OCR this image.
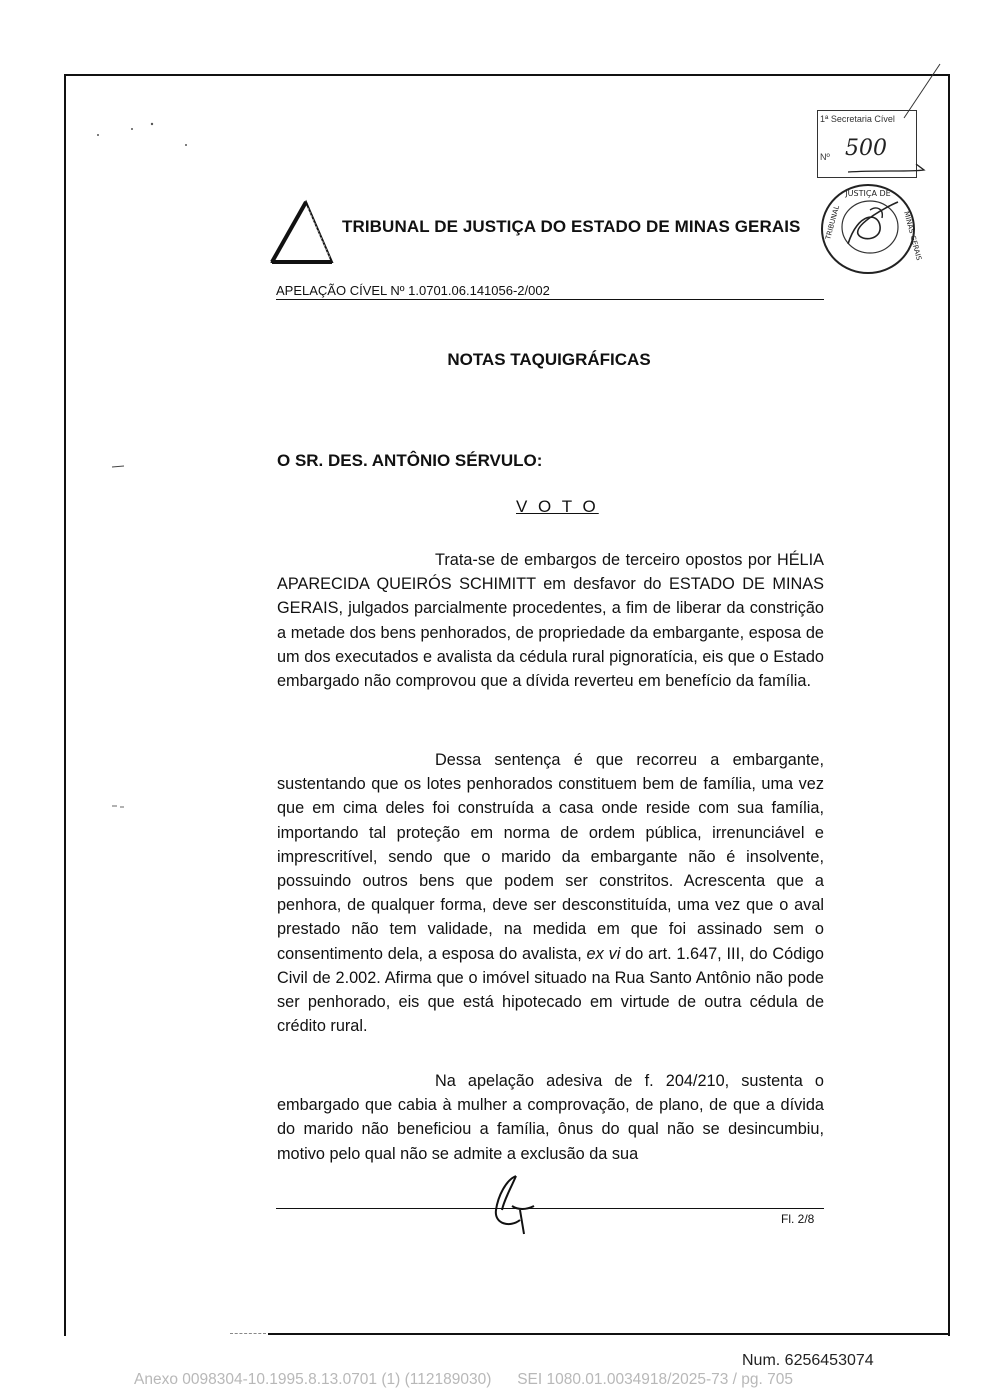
TRIBUNAL DE JUSTIÇA DO ESTADO DE MINAS GERAIS
1ª Secretaria Cível
Nº 500
JUSTIÇA DE
TRIBUNAL	MINAS GERAIS
APELAÇÃO CÍVEL Nº 1.0701.06.141056-2/002
NOTAS TAQUIGRÁFICAS
O SR. DES. ANTÔNIO SÉRVULO:
V O T O

Trata-se de embargos de terceiro opostos por HÉLIA APARECIDA QUEIRÓS SCHIMITT em desfavor do ESTADO DE MINAS GERAIS, julgados parcialmente procedentes, a fim de liberar da constrição a metade dos bens penhorados, de propriedade da embargante, esposa de um dos executados e avalista da cédula rural pignoratícia, eis que o Estado embargado não comprovou que a dívida reverteu em benefício da família.

Dessa sentença é que recorreu a embargante, sustentando que os lotes penhorados constituem bem de família, uma vez que em cima deles foi construída a casa onde reside com sua família, importando tal proteção em norma de ordem pública, irrenunciável e imprescritível, sendo que o marido da embargante não é insolvente, possuindo outros bens que podem ser constritos. Acrescenta que a penhora, de qualquer forma, deve ser desconstituída, uma vez que o aval prestado não tem validade, na medida em que foi assinado sem o consentimento dela, a esposa do avalista, ex vi do art. 1.647, III, do Código Civil de 2.002. Afirma que o imóvel situado na Rua Santo Antônio não pode ser penhorado, eis que está hipotecado em virtude de outra cédula de crédito rural.

Na apelação adesiva de f. 204/210, sustenta o embargado que cabia à mulher a comprovação, de plano, de que a dívida do marido não beneficiou a família, ônus do qual não se desincumbiu, motivo pelo qual não se admite a exclusão da sua

Fl. 2/8
Num. 6256453074
Anexo 0098304-10.1995.8.13.0701 (1) (112189030)      SEI 1080.01.0034918/2025-73 / pg. 705
